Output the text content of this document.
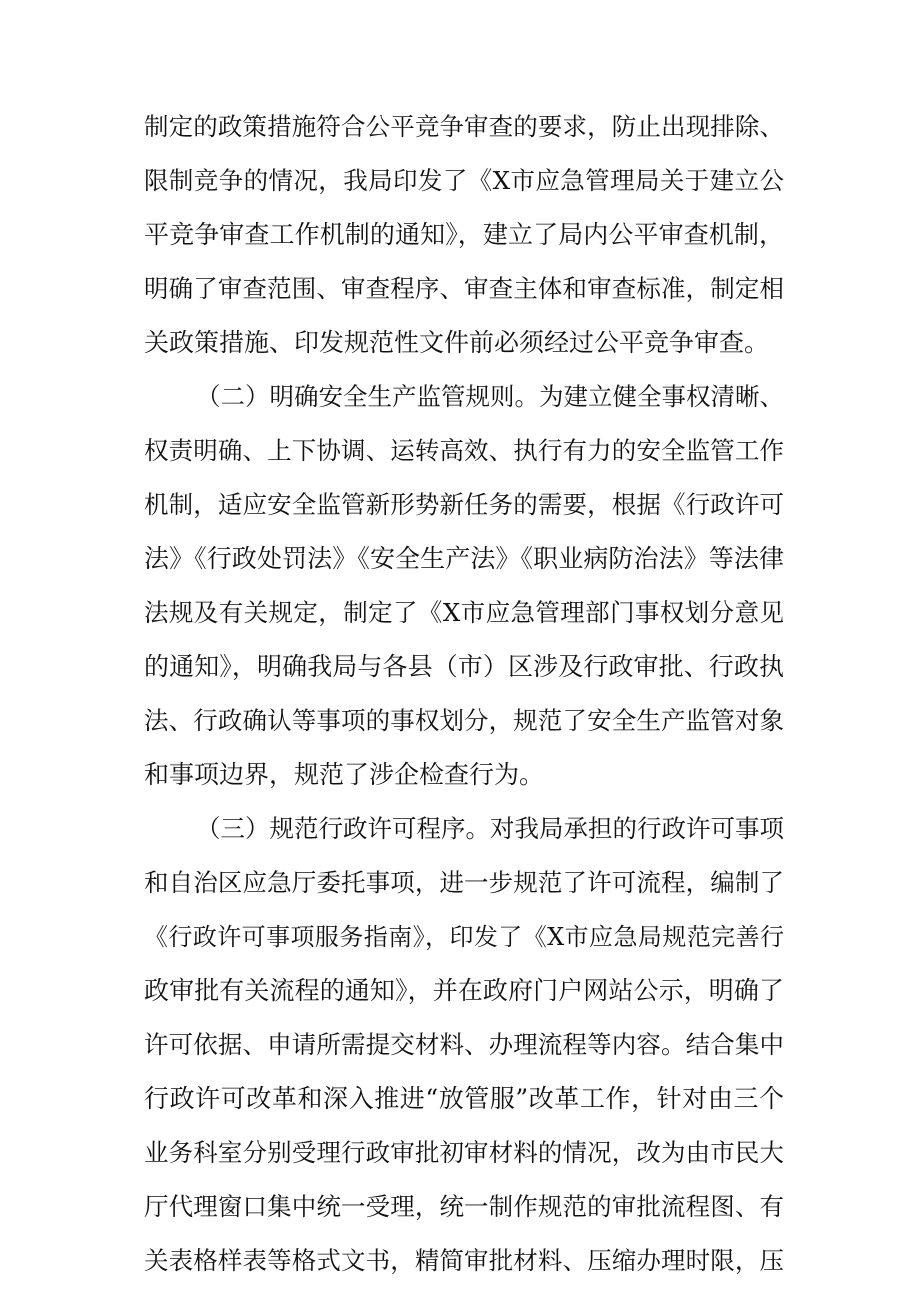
制定的政策措施符合公平竞争审查的要求，防止出现排除、
限制竞争的情况，我局印发了《X市应急管理局关于建立公
平竞争审查工作机制的通知》，建立了局内公平审查机制，
明确了审查范围、审查程序、审查主体和审查标准，制定相
关政策措施、印发规范性文件前必须经过公平竞争审查。
（二）明确安全生产监管规则。为建立健全事权清晰、
权责明确、上下协调、运转高效、执行有力的安全监管工作
机制，适应安全监管新形势新任务的需要，根据《行政许可
法》《行政处罚法》《安全生产法》《职业病防治法》等法律
法规及有关规定，制定了《X市应急管理部门事权划分意见
的通知》，明确我局与各县（市）区涉及行政审批、行政执
法、行政确认等事项的事权划分，规范了安全生产监管对象
和事项边界，规范了涉企检查行为。
（三）规范行政许可程序。对我局承担的行政许可事项
和自治区应急厅委托事项，进一步规范了许可流程，编制了
《行政许可事项服务指南》，印发了《X市应急局规范完善行
政审批有关流程的通知》，并在政府门户网站公示，明确了
许可依据、申请所需提交材料、办理流程等内容。结合集中
行政许可改革和深入推进“放管服”改革工作，针对由三个
业务科室分别受理行政审批初审材料的情况，改为由市民大
厅代理窗口集中统一受理，统一制作规范的审批流程图、有
关表格样表等格式文书，精简审批材料、压缩办理时限，压
